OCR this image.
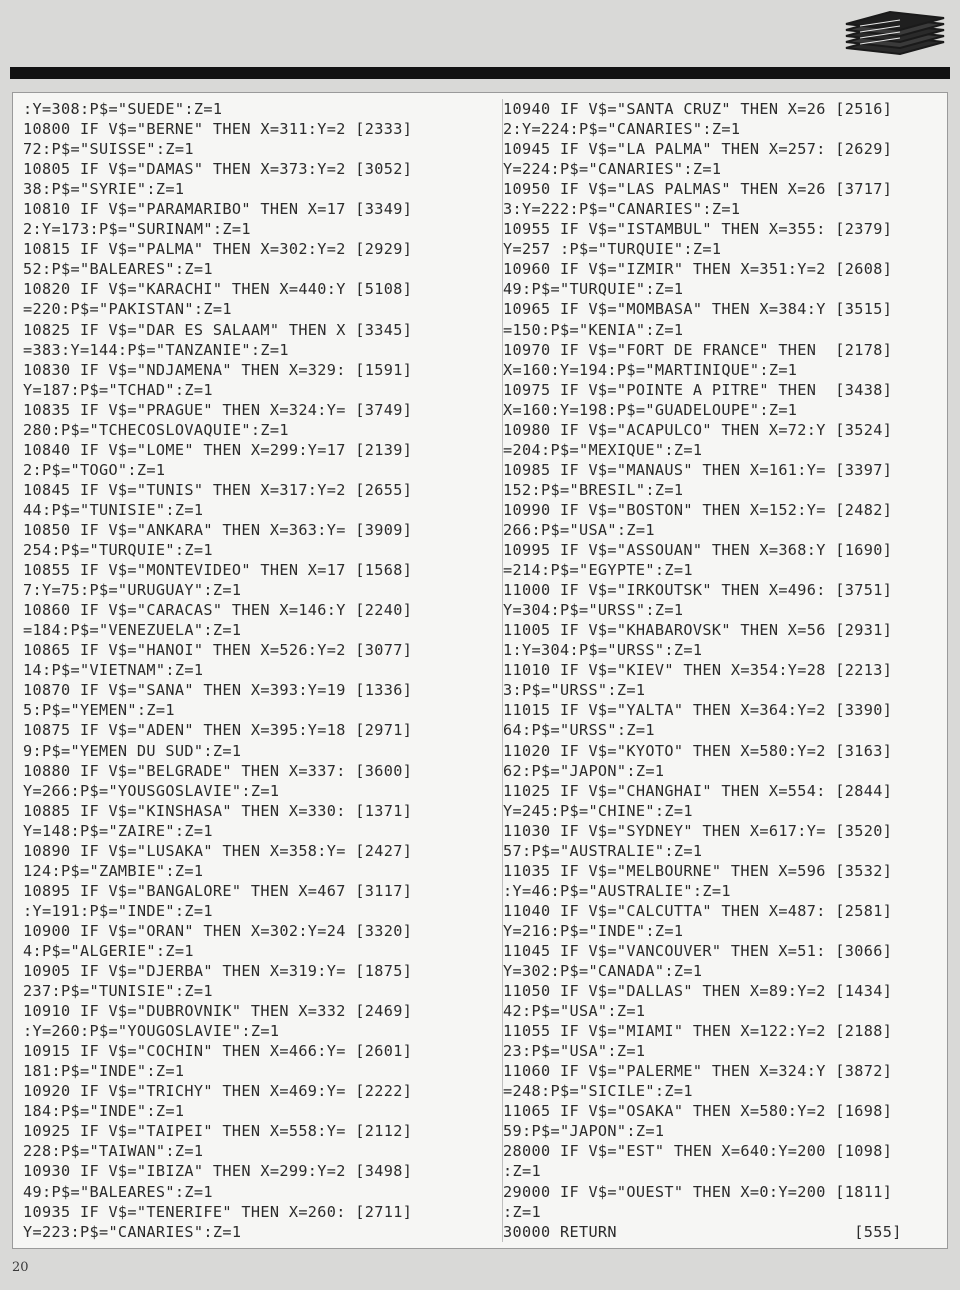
:Y=308:P$="SUEDE":Z=1
10800 IF V$="BERNE" THEN X=311:Y=2 [2333]
72:P$="SUISSE":Z=1
10805 IF V$="DAMAS" THEN X=373:Y=2 [3052]
38:P$="SYRIE":Z=1
10810 IF V$="PARAMARIBO" THEN X=17 [3349]
2:Y=173:P$="SURINAM":Z=1
10815 IF V$="PALMA" THEN X=302:Y=2 [2929]
52:P$="BALEARES":Z=1
10820 IF V$="KARACHI" THEN X=440:Y [5108]
=220:P$="PAKISTAN":Z=1
10825 IF V$="DAR ES SALAAM" THEN X [3345]
=383:Y=144:P$="TANZANIE":Z=1
10830 IF V$="NDJAMENA" THEN X=329: [1591]
Y=187:P$="TCHAD":Z=1
10835 IF V$="PRAGUE" THEN X=324:Y= [3749]
280:P$="TCHECOSLOVAQUIE":Z=1
10840 IF V$="LOME" THEN X=299:Y=17 [2139]
2:P$="TOGO":Z=1
10845 IF V$="TUNIS" THEN X=317:Y=2 [2655]
44:P$="TUNISIE":Z=1
10850 IF V$="ANKARA" THEN X=363:Y= [3909]
254:P$="TURQUIE":Z=1
10855 IF V$="MONTEVIDEO" THEN X=17 [1568]
7:Y=75:P$="URUGUAY":Z=1
10860 IF V$="CARACAS" THEN X=146:Y [2240]
=184:P$="VENEZUELA":Z=1
10865 IF V$="HANOI" THEN X=526:Y=2 [3077]
14:P$="VIETNAM":Z=1
10870 IF V$="SANA" THEN X=393:Y=19 [1336]
5:P$="YEMEN":Z=1
10875 IF V$="ADEN" THEN X=395:Y=18 [2971]
9:P$="YEMEN DU SUD":Z=1
10880 IF V$="BELGRADE" THEN X=337: [3600]
Y=266:P$="YOUSGOSLAVIE":Z=1
10885 IF V$="KINSHASA" THEN X=330: [1371]
Y=148:P$="ZAIRE":Z=1
10890 IF V$="LUSAKA" THEN X=358:Y= [2427]
124:P$="ZAMBIE":Z=1
10895 IF V$="BANGALORE" THEN X=467 [3117]
:Y=191:P$="INDE":Z=1
10900 IF V$="ORAN" THEN X=302:Y=24 [3320]
4:P$="ALGERIE":Z=1
10905 IF V$="DJERBA" THEN X=319:Y= [1875]
237:P$="TUNISIE":Z=1
10910 IF V$="DUBROVNIK" THEN X=332 [2469]
:Y=260:P$="YOUGOSLAVIE":Z=1
10915 IF V$="COCHIN" THEN X=466:Y= [2601]
181:P$="INDE":Z=1
10920 IF V$="TRICHY" THEN X=469:Y= [2222]
184:P$="INDE":Z=1
10925 IF V$="TAIPEI" THEN X=558:Y= [2112]
228:P$="TAIWAN":Z=1
10930 IF V$="IBIZA" THEN X=299:Y=2 [3498]
49:P$="BALEARES":Z=1
10935 IF V$="TENERIFE" THEN X=260: [2711]
Y=223:P$="CANARIES":Z=1
10940 IF V$="SANTA CRUZ" THEN X=26 [2516]
2:Y=224:P$="CANARIES":Z=1
10945 IF V$="LA PALMA" THEN X=257: [2629]
Y=224:P$="CANARIES":Z=1
10950 IF V$="LAS PALMAS" THEN X=26 [3717]
3:Y=222:P$="CANARIES":Z=1
10955 IF V$="ISTAMBUL" THEN X=355: [2379]
Y=257 :P$="TURQUIE":Z=1
10960 IF V$="IZMIR" THEN X=351:Y=2 [2608]
49:P$="TURQUIE":Z=1
10965 IF V$="MOMBASA" THEN X=384:Y [3515]
=150:P$="KENIA":Z=1
10970 IF V$="FORT DE FRANCE" THEN  [2178]
X=160:Y=194:P$="MARTINIQUE":Z=1
10975 IF V$="POINTE A PITRE" THEN  [3438]
X=160:Y=198:P$="GUADELOUPE":Z=1
10980 IF V$="ACAPULCO" THEN X=72:Y [3524]
=204:P$="MEXIQUE":Z=1
10985 IF V$="MANAUS" THEN X=161:Y= [3397]
152:P$="BRESIL":Z=1
10990 IF V$="BOSTON" THEN X=152:Y= [2482]
266:P$="USA":Z=1
10995 IF V$="ASSOUAN" THEN X=368:Y [1690]
=214:P$="EGYPTE":Z=1
11000 IF V$="IRKOUTSK" THEN X=496: [3751]
Y=304:P$="URSS":Z=1
11005 IF V$="KHABAROVSK" THEN X=56 [2931]
1:Y=304:P$="URSS":Z=1
11010 IF V$="KIEV" THEN X=354:Y=28 [2213]
3:P$="URSS":Z=1
11015 IF V$="YALTA" THEN X=364:Y=2 [3390]
64:P$="URSS":Z=1
11020 IF V$="KYOTO" THEN X=580:Y=2 [3163]
62:P$="JAPON":Z=1
11025 IF V$="CHANGHAI" THEN X=554: [2844]
Y=245:P$="CHINE":Z=1
11030 IF V$="SYDNEY" THEN X=617:Y= [3520]
57:P$="AUSTRALIE":Z=1
11035 IF V$="MELBOURNE" THEN X=596 [3532]
:Y=46:P$="AUSTRALIE":Z=1
11040 IF V$="CALCUTTA" THEN X=487: [2581]
Y=216:P$="INDE":Z=1
11045 IF V$="VANCOUVER" THEN X=51: [3066]
Y=302:P$="CANADA":Z=1
11050 IF V$="DALLAS" THEN X=89:Y=2 [1434]
42:P$="USA":Z=1
11055 IF V$="MIAMI" THEN X=122:Y=2 [2188]
23:P$="USA":Z=1
11060 IF V$="PALERME" THEN X=324:Y [3872]
=248:P$="SICILE":Z=1
11065 IF V$="OSAKA" THEN X=580:Y=2 [1698]
59:P$="JAPON":Z=1
28000 IF V$="EST" THEN X=640:Y=200 [1098]
:Z=1
29000 IF V$="OUEST" THEN X=0:Y=200 [1811]
:Z=1
30000 RETURN                         [555]
20
